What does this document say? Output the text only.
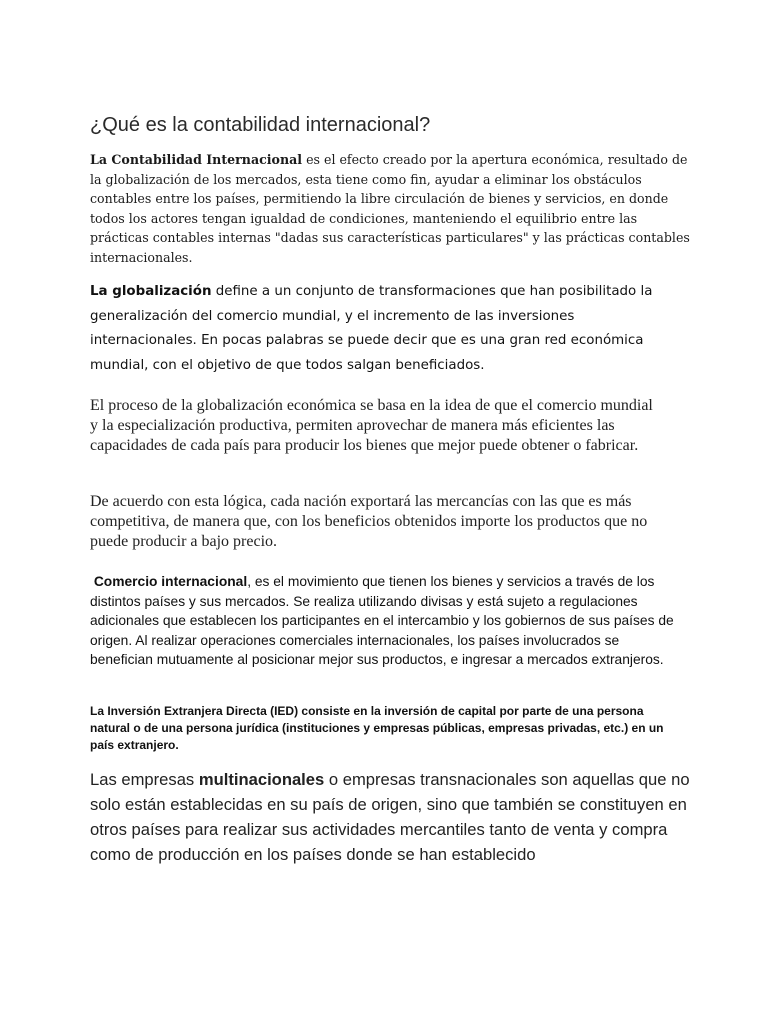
¿Qué es la contabilidad internacional?

La Contabilidad Internacional es el efecto creado por la apertura económica, resultado de la globalización de los mercados, esta tiene como fin, ayudar a eliminar los obstáculos contables entre los países, permitiendo la libre circulación de bienes y servicios, en donde todos los actores tengan igualdad de condiciones, manteniendo el equilibrio entre las prácticas contables internas "dadas sus características particulares" y las prácticas contables internacionales.

La globalización define a un conjunto de transformaciones que han posibilitado la generalización del comercio mundial, y el incremento de las inversiones internacionales. En pocas palabras se puede decir que es una gran red económica mundial, con el objetivo de que todos salgan beneficiados.

El proceso de la globalización económica se basa en la idea de que el comercio mundial y la especialización productiva, permiten aprovechar de manera más eficientes las capacidades de cada país para producir los bienes que mejor puede obtener o fabricar.

De acuerdo con esta lógica, cada nación exportará las mercancías con las que es más competitiva, de manera que, con los beneficios obtenidos importe los productos que no puede producir a bajo precio.

Comercio internacional, es el movimiento que tienen los bienes y servicios a través de los distintos países y sus mercados. Se realiza utilizando divisas y está sujeto a regulaciones adicionales que establecen los participantes en el intercambio y los gobiernos de sus países de origen. Al realizar operaciones comerciales internacionales, los países involucrados se benefician mutuamente al posicionar mejor sus productos, e ingresar a mercados extranjeros.

La Inversión Extranjera Directa (IED) consiste en la inversión de capital por parte de una persona natural o de una persona jurídica (instituciones y empresas públicas, empresas privadas, etc.) en un país extranjero.

Las empresas multinacionales o empresas transnacionales son aquellas que no solo están establecidas en su país de origen, sino que también se constituyen en otros países para realizar sus actividades mercantiles tanto de venta y compra como de producción en los países donde se han establecido
